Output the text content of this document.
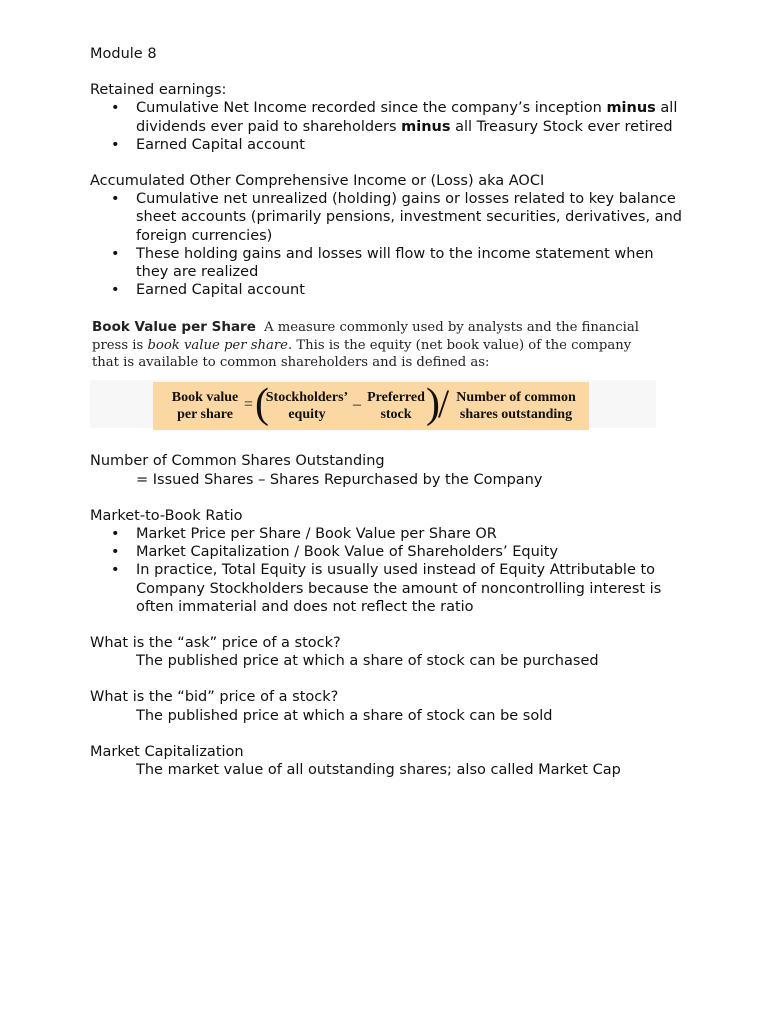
Module 8

Retained earnings:

• Cumulative Net Income recorded since the company’s inception minus all dividends ever paid to shareholders minus all Treasury Stock ever retired
• Earned Capital account

Accumulated Other Comprehensive Income or (Loss) aka AOCI

• Cumulative net unrealized (holding) gains or losses related to key balance sheet accounts (primarily pensions, investment securities, derivatives, and foreign currencies)
• These holding gains and losses will flow to the income statement when they are realized
• Earned Capital account
Book Value per Share A measure commonly used by analysts and the financial press is book value per share. This is the equity (net book value) of the company that is available to common shareholders and is defined as:
Book value
per share
= (
Stockholders’
equity
– Preferred
stock )
/ Number of common
shares outstanding

Number of Common Shares Outstanding

= Issued Shares – Shares Repurchased by the Company

Market-to-Book Ratio

• Market Price per Share / Book Value per Share OR
• Market Capitalization / Book Value of Shareholders’ Equity
• In practice, Total Equity is usually used instead of Equity Attributable to Company Stockholders because the amount of noncontrolling interest is often immaterial and does not reflect the ratio

What is the “ask” price of a stock?

The published price at which a share of stock can be purchased

What is the “bid” price of a stock?

The published price at which a share of stock can be sold

Market Capitalization

The market value of all outstanding shares; also called Market Cap
